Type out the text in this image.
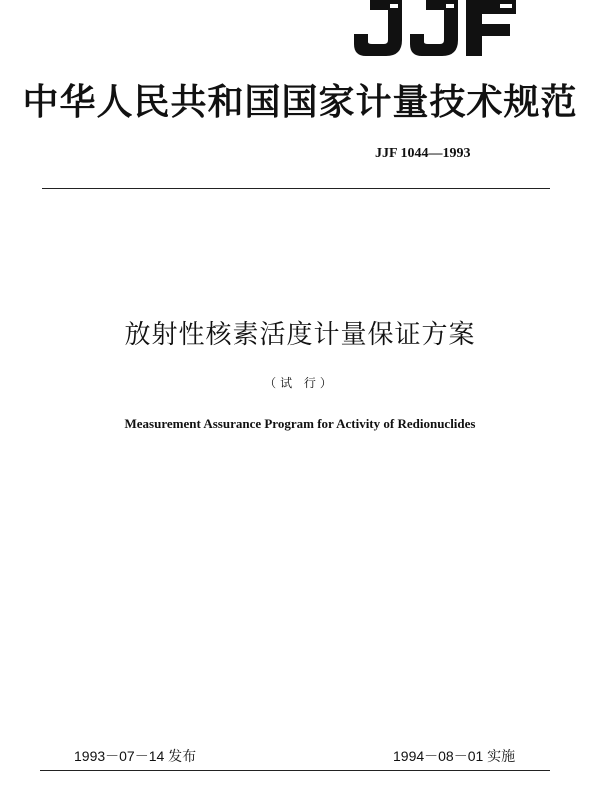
中华人民共和国国家计量技术规范
JJF 1044—1993
放射性核素活度计量保证方案
（试 行）
Measurement Assurance Program for Activity of Redionuclides
1993－07－14 发布	1994－08－01 实施
